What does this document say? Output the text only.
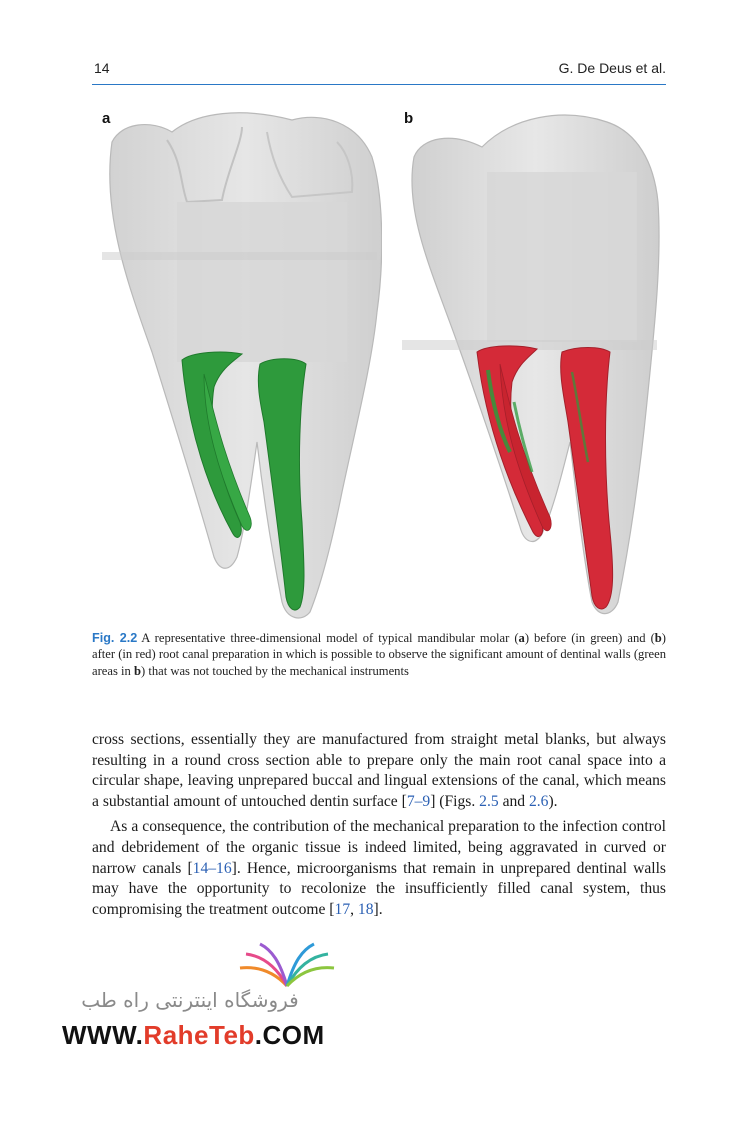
14	G. De Deus et al.
a	b
Fig. 2.2 A representative three-dimensional model of typical mandibular molar (a) before (in green) and (b) after (in red) root canal preparation in which is possible to observe the significant amount of dentinal walls (green areas in b) that was not touched by the mechanical instruments

cross sections, essentially they are manufactured from straight metal blanks, but always resulting in a round cross section able to prepare only the main root canal space into a circular shape, leaving unprepared buccal and lingual extensions of the canal, which means a substantial amount of untouched dentin surface [7–9] (Figs. 2.5 and 2.6).

As a consequence, the contribution of the mechanical preparation to the infection control and debridement of the organic tissue is indeed limited, being aggravated in curved or narrow canals [14–16]. Hence, microorganisms that remain in unprepared dentinal walls may have the opportunity to recolonize the insufficiently filled canal system, thus compromising the treatment outcome [17, 18].

فروشگاه اینترنتی راه طب
WWW.RaheTeb.COM
